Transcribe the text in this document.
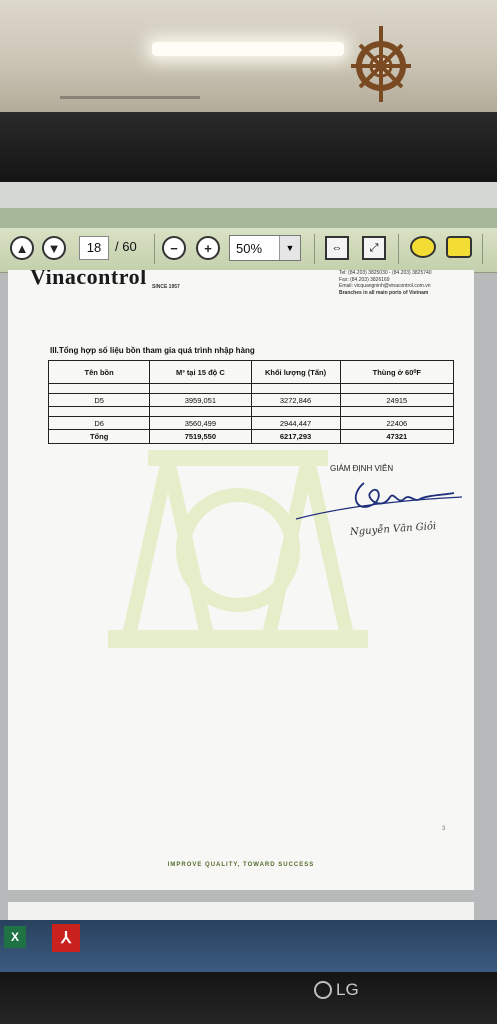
▲ ▼	18	/ 60	− + 50%	▼	⇔ ⤢
Vinacontrol SINCE 1957
Tel: (84.203) 3825030 - (84.203) 3825740
Fax: (84.203) 3826169
Email: vicquangninh@vinacontrol.com.vn
Branches in all main ports of Vietnam
III.Tổng hợp số liệu bồn tham gia quá trình nhập hàng
Tên bồn	M³ tại 15 độ C	Khối lượng (Tấn)	Thùng ở 60⁰F

D5	3959,051	3272,846	24915

D6	3560,499	2944,447	22406
Tổng	7519,550	6217,293	47321
GIÁM ĐỊNH VIÊN
Nguyễn Văn Giỏi
3
IMPROVE QUALITY, TOWARD SUCCESS
X	⅄
LG
